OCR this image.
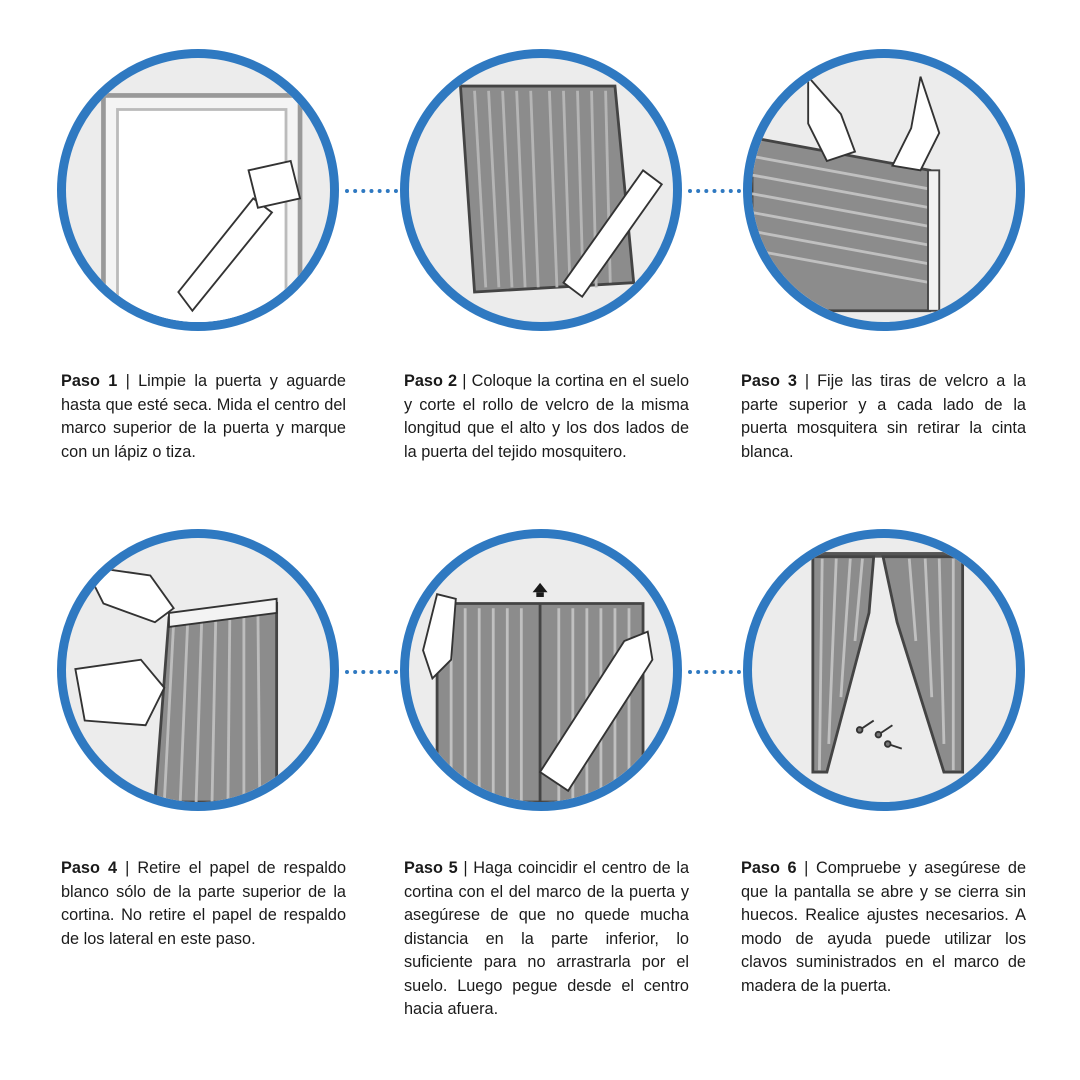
Paso 1 | Limpie la puerta y aguarde hasta que esté seca. Mida el centro del marco superior de la puerta y marque con un lápiz o tiza.

Paso 2 | Coloque la cortina en el suelo y corte el rollo de velcro de la misma longitud que el alto y los dos lados de la puerta del tejido mosquitero.

Paso 3 | Fije las tiras de velcro a la parte superior y a cada lado de la puerta mosquitera sin retirar la cinta blanca.

Paso 4 | Retire el papel de respaldo blanco sólo de la parte superior de la cortina. No retire el papel de respaldo de los lateral en este paso.

Paso 5 | Haga coincidir el centro de la cortina con el del marco de la puerta y asegúrese de que no quede mucha distancia en la parte inferior, lo suficiente para no arrastrarla por el suelo. Luego pegue desde el centro hacia afuera.

Paso 6 | Compruebe y asegúrese de que la pantalla se abre y se cierra sin huecos. Realice ajustes necesarios. A modo de ayuda puede utilizar los clavos suministrados en el marco de madera de la puerta.
